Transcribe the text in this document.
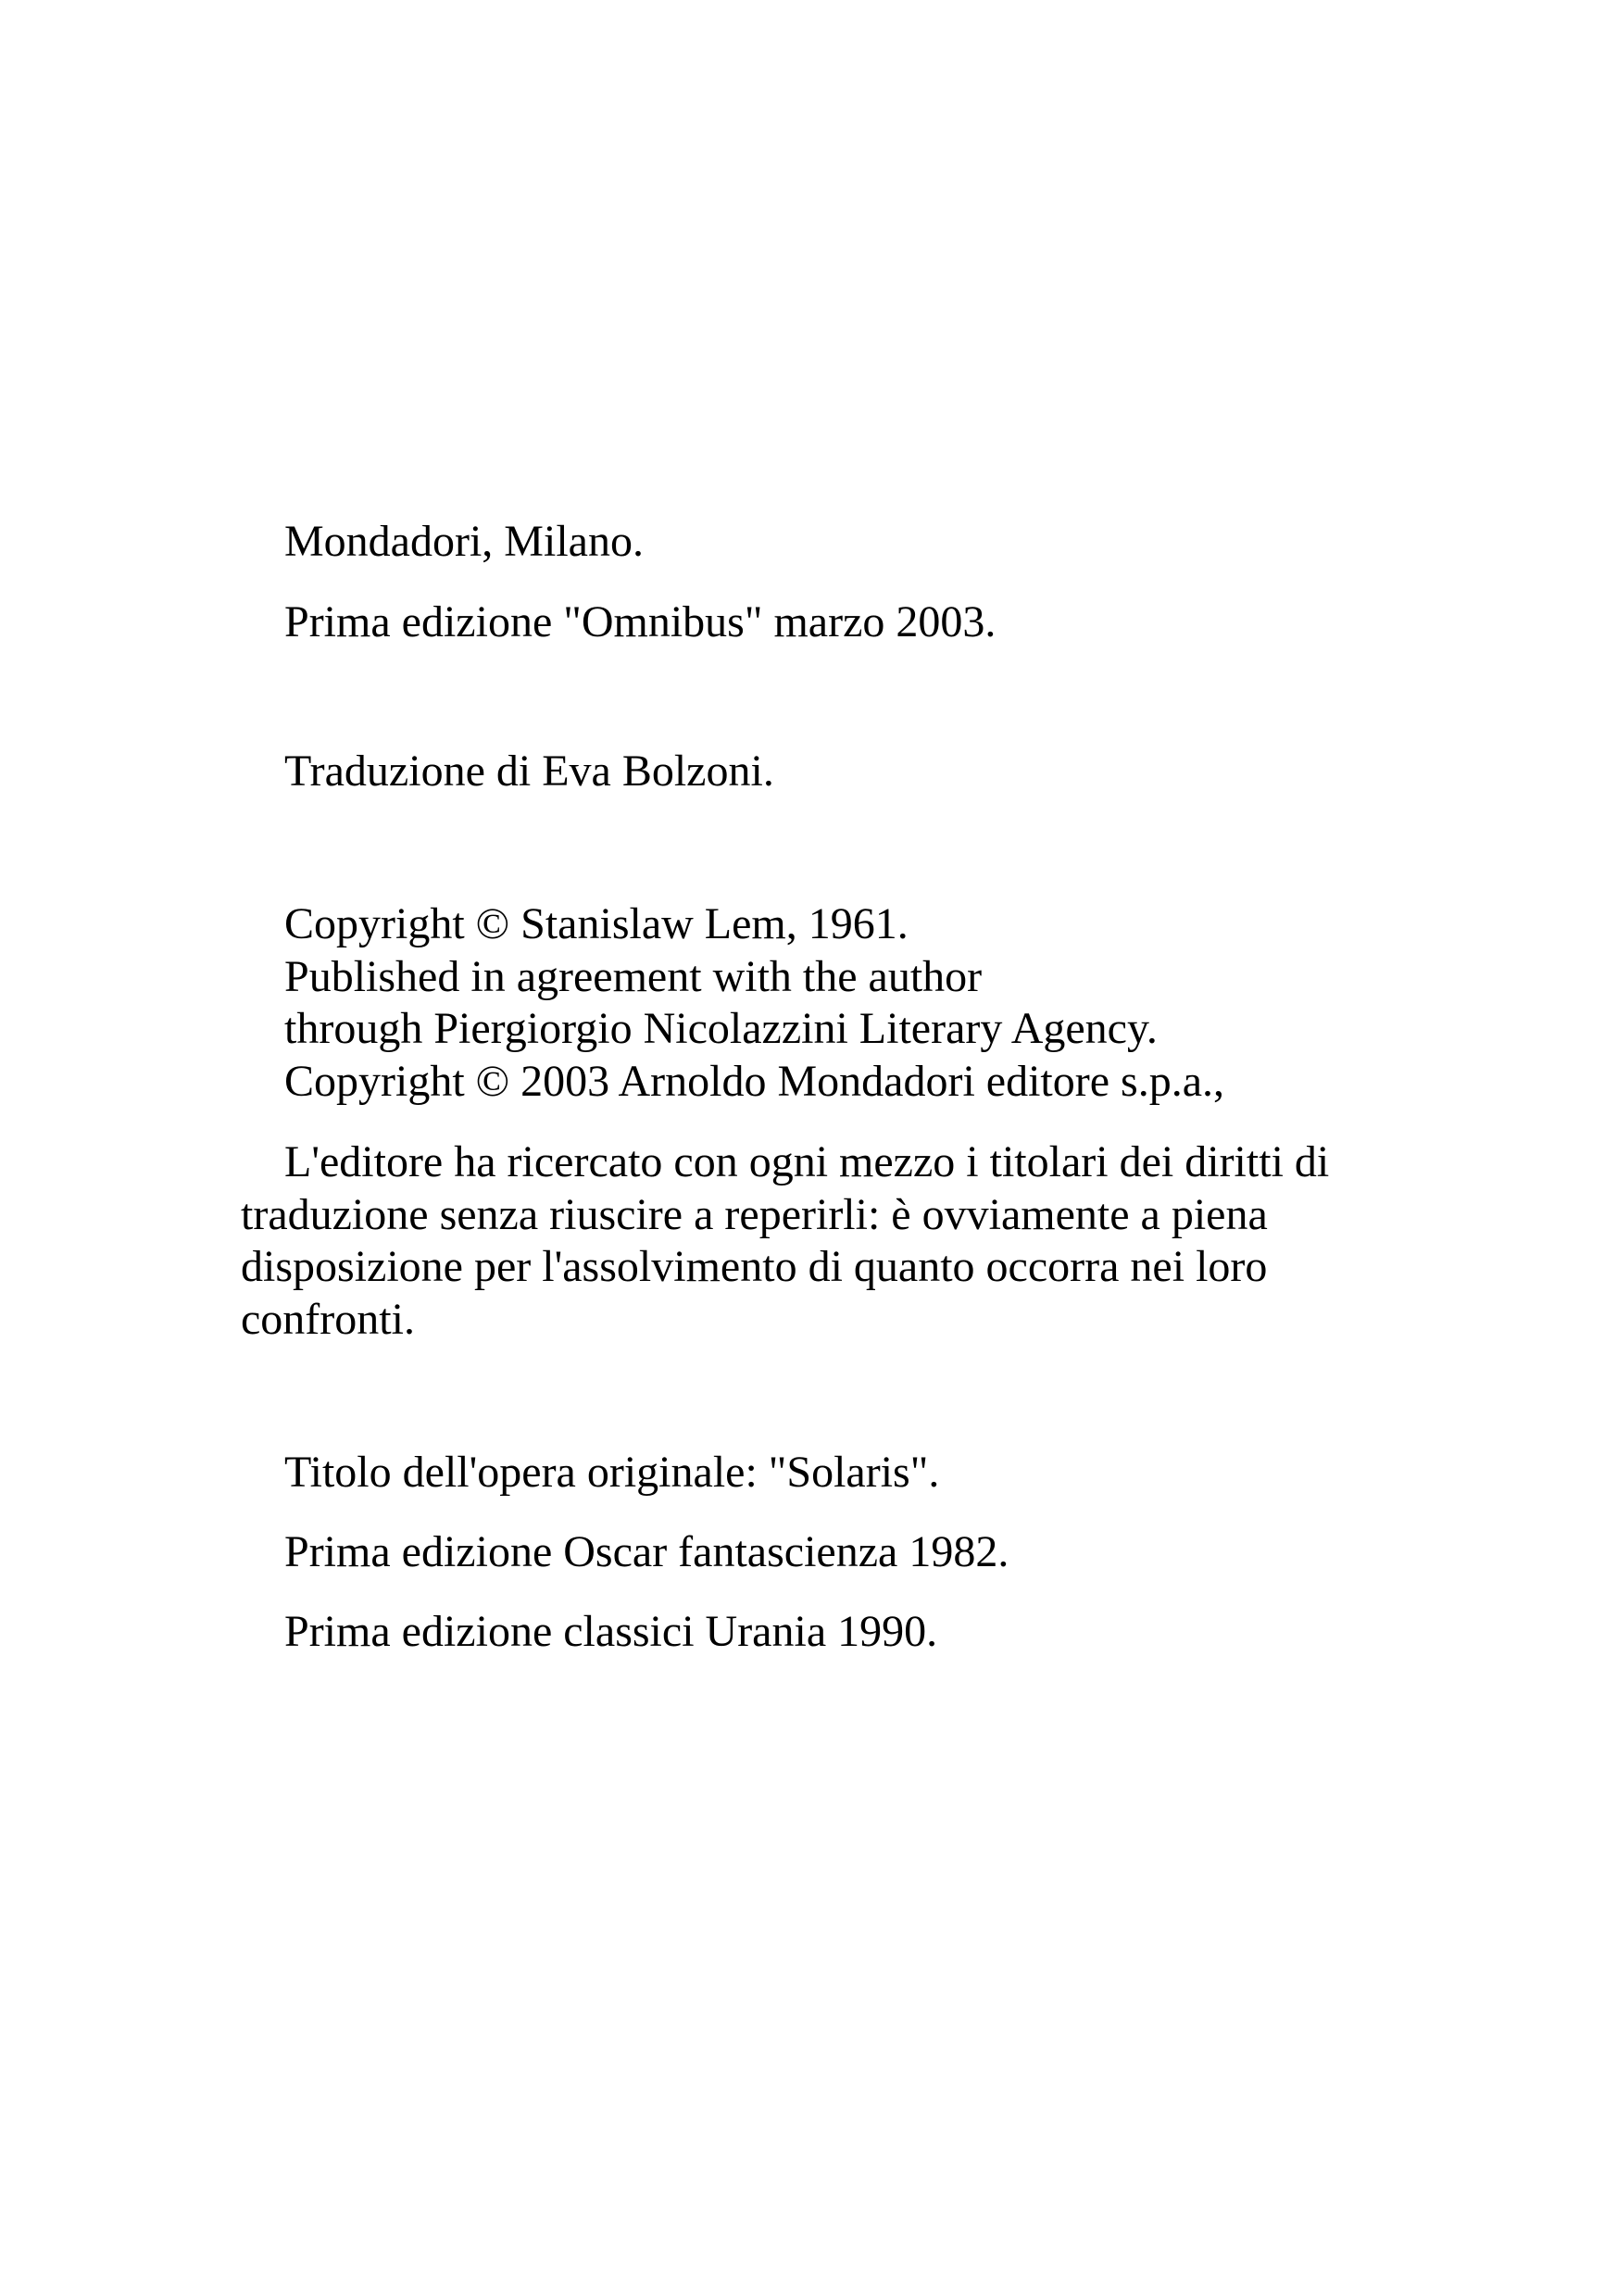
Mondadori, Milano.
Prima edizione "Omnibus" marzo 2003.
Traduzione di Eva Bolzoni.
Copyright © Stanislaw Lem, 1961.
Published in agreement with the author
through Piergiorgio Nicolazzini Literary Agency.
Copyright © 2003 Arnoldo Mondadori editore s.p.a.,

L'editore ha ricercato con ogni mezzo i titolari dei diritti di traduzione senza riuscire a reperirli: è ovviamente a piena disposizione per l'assolvimento di quanto occorra nei loro confronti.

Titolo dell'opera originale: "Solaris".
Prima edizione Oscar fantascienza 1982.
Prima edizione classici Urania 1990.
